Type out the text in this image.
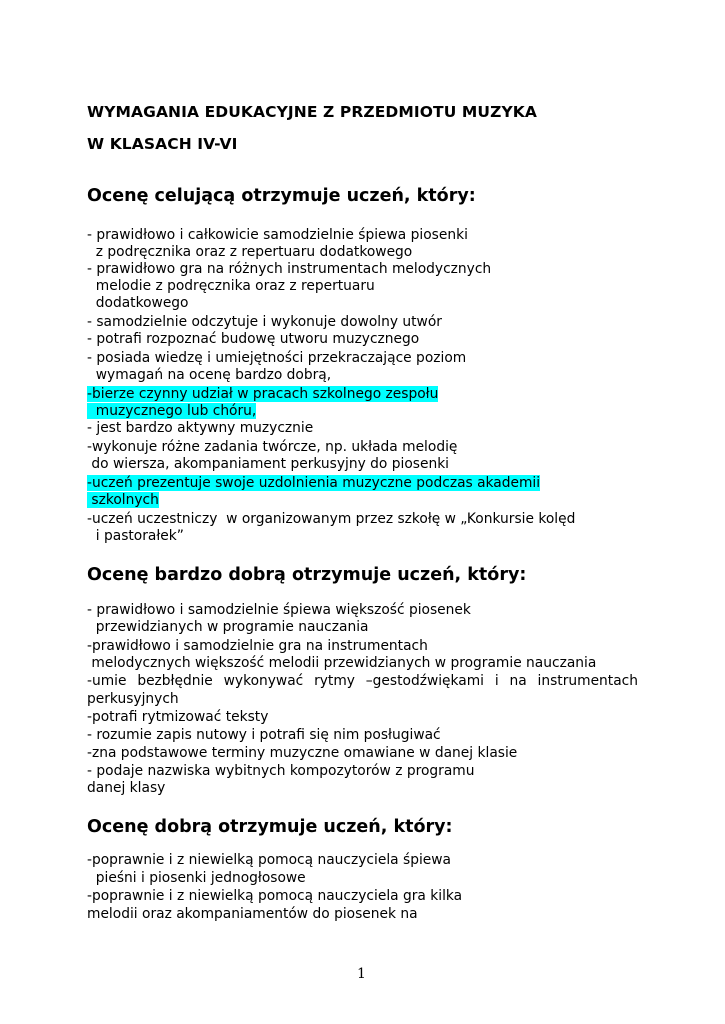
WYMAGANIA EDUKACYJNE Z PRZEDMIOTU MUZYKA
W KLASACH IV-VI
Ocenę celującą otrzymuje uczeń, który:
- prawidłowo i całkowicie samodzielnie śpiewa piosenki
z podręcznika oraz z repertuaru dodatkowego
- prawidłowo gra na różnych instrumentach melodycznych
melodie z podręcznika oraz z repertuaru
dodatkowego
- samodzielnie odczytuje i wykonuje dowolny utwór
- potrafi rozpoznać budowę utworu muzycznego
- posiada wiedzę i umiejętności przekraczające poziom
wymagań na ocenę bardzo dobrą,
-bierze czynny udział w pracach szkolnego zespołu
muzycznego lub chóru,
- jest bardzo aktywny muzycznie
-wykonuje różne zadania twórcze, np. układa melodię
do wiersza, akompaniament perkusyjny do piosenki
-uczeń prezentuje swoje uzdolnienia muzyczne podczas akademii
szkolnych
-uczeń uczestniczy  w organizowanym przez szkołę w „Konkursie kolęd
i pastorałek”
Ocenę bardzo dobrą otrzymuje uczeń, który:
- prawidłowo i samodzielnie śpiewa większość piosenek
przewidzianych w programie nauczania
-prawidłowo i samodzielnie gra na instrumentach
melodycznych większość melodii przewidzianych w programie nauczania
-umie bezbłędnie wykonywać rytmy –gestodźwiękami i na instrumentach
perkusyjnych
-potrafi rytmizować teksty
- rozumie zapis nutowy i potrafi się nim posługiwać
-zna podstawowe terminy muzyczne omawiane w danej klasie
- podaje nazwiska wybitnych kompozytorów z programu
danej klasy
Ocenę dobrą otrzymuje uczeń, który:
-poprawnie i z niewielką pomocą nauczyciela śpiewa
pieśni i piosenki jednogłosowe
-poprawnie i z niewielką pomocą nauczyciela gra kilka
melodii oraz akompaniamentów do piosenek na
1
